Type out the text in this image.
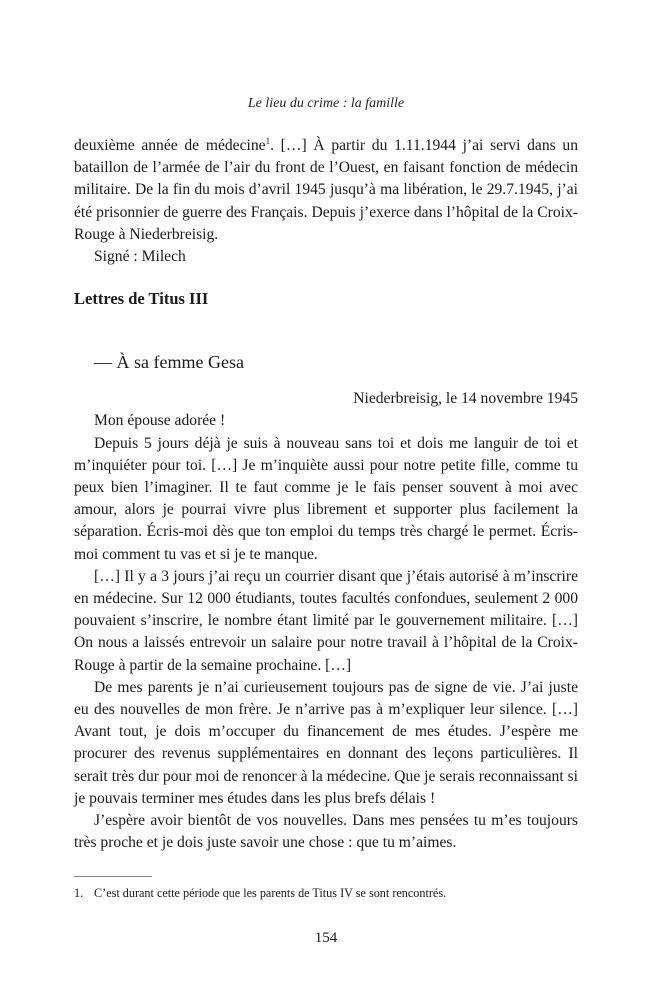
Le lieu du crime : la famille

deuxième année de médecine$^1$. […] À partir du 1.11.1944 j’ai servi dans un bataillon de l’armée de l’air du front de l’Ouest, en faisant fonction de médecin militaire. De la fin du mois d’avril 1945 jusqu’à ma libération, le 29.7.1945, j’ai été prisonnier de guerre des Français. Depuis j’exerce dans l’hôpital de la Croix-Rouge à Niederbreisig.

Signé : Milech

Lettres de Titus III
— À sa femme Gesa

Niederbreisig, le 14 novembre 1945

Mon épouse adorée !

Depuis 5 jours déjà je suis à nouveau sans toi et dois me languir de toi et m’inquiéter pour toi. […] Je m’inquiète aussi pour notre petite fille, comme tu peux bien l’imaginer. Il te faut comme je le fais penser souvent à moi avec amour, alors je pourrai vivre plus librement et supporter plus facilement la séparation. Écris-moi dès que ton emploi du temps très chargé le permet. Écris-moi comment tu vas et si je te manque.

[…] Il y a 3 jours j’ai reçu un courrier disant que j’étais autorisé à m’inscrire en médecine. Sur 12 000 étudiants, toutes facultés confondues, seulement 2 000 pouvaient s’inscrire, le nombre étant limité par le gouvernement militaire. […] On nous a laissés entrevoir un salaire pour notre travail à l’hôpital de la Croix-Rouge à partir de la semaine prochaine. […]

De mes parents je n’ai curieusement toujours pas de signe de vie. J’ai juste eu des nouvelles de mon frère. Je n’arrive pas à m’expliquer leur silence. […] Avant tout, je dois m’occuper du financement de mes études. J’espère me procurer des revenus supplémentaires en donnant des leçons particulières. Il serait très dur pour moi de renoncer à la médecine. Que je serais reconnaissant si je pouvais terminer mes études dans les plus brefs délais !

J’espère avoir bientôt de vos nouvelles. Dans mes pensées tu m’es toujours très proche et je dois juste savoir une chose : que tu m’aimes.

1. C’est durant cette période que les parents de Titus IV se sont rencontrés.
154
